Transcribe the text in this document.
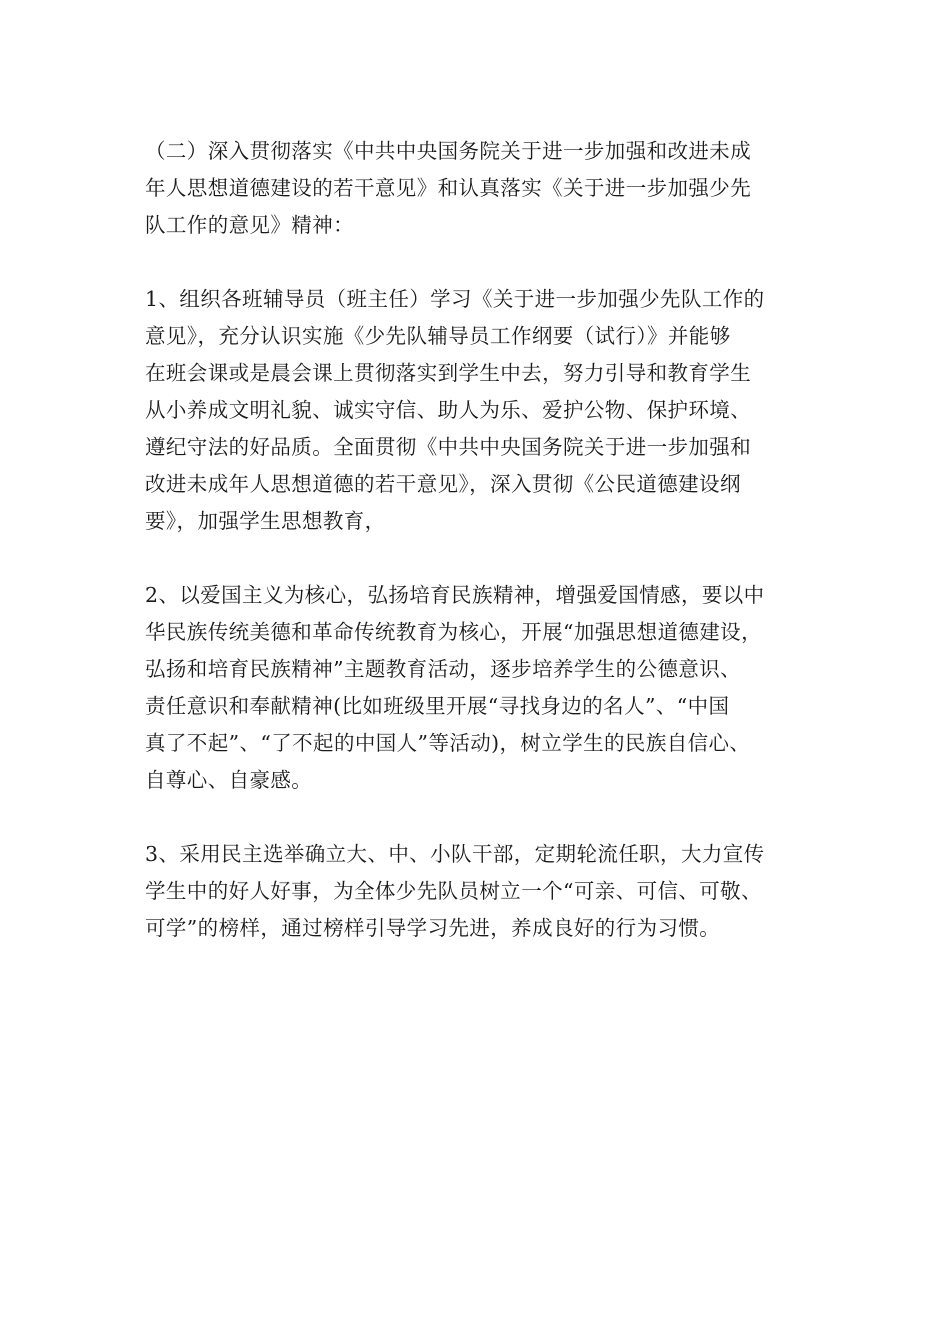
（二）深入贯彻落实《中共中央国务院关于进一步加强和改进未成
年人思想道德建设的若干意见》和认真落实《关于进一步加强少先
队工作的意见》精神：
1、组织各班辅导员（班主任）学习《关于进一步加强少先队工作的
意见》，充分认识实施《少先队辅导员工作纲要（试行）》并能够
在班会课或是晨会课上贯彻落实到学生中去，努力引导和教育学生
从小养成文明礼貌、诚实守信、助人为乐、爱护公物、保护环境、
遵纪守法的好品质。全面贯彻《中共中央国务院关于进一步加强和
改进未成年人思想道德的若干意见》，深入贯彻《公民道德建设纲
要》，加强学生思想教育，
2、以爱国主义为核心，弘扬培育民族精神，增强爱国情感，要以中
华民族传统美德和革命传统教育为核心，开展“加强思想道德建设，
弘扬和培育民族精神”主题教育活动，逐步培养学生的公德意识、
责任意识和奉献精神(比如班级里开展“寻找身边的名人”、“中国
真了不起”、“了不起的中国人”等活动)，树立学生的民族自信心、
自尊心、自豪感。
3、采用民主选举确立大、中、小队干部，定期轮流任职，大力宣传
学生中的好人好事，为全体少先队员树立一个“可亲、可信、可敬、
可学”的榜样，通过榜样引导学习先进，养成良好的行为习惯。
